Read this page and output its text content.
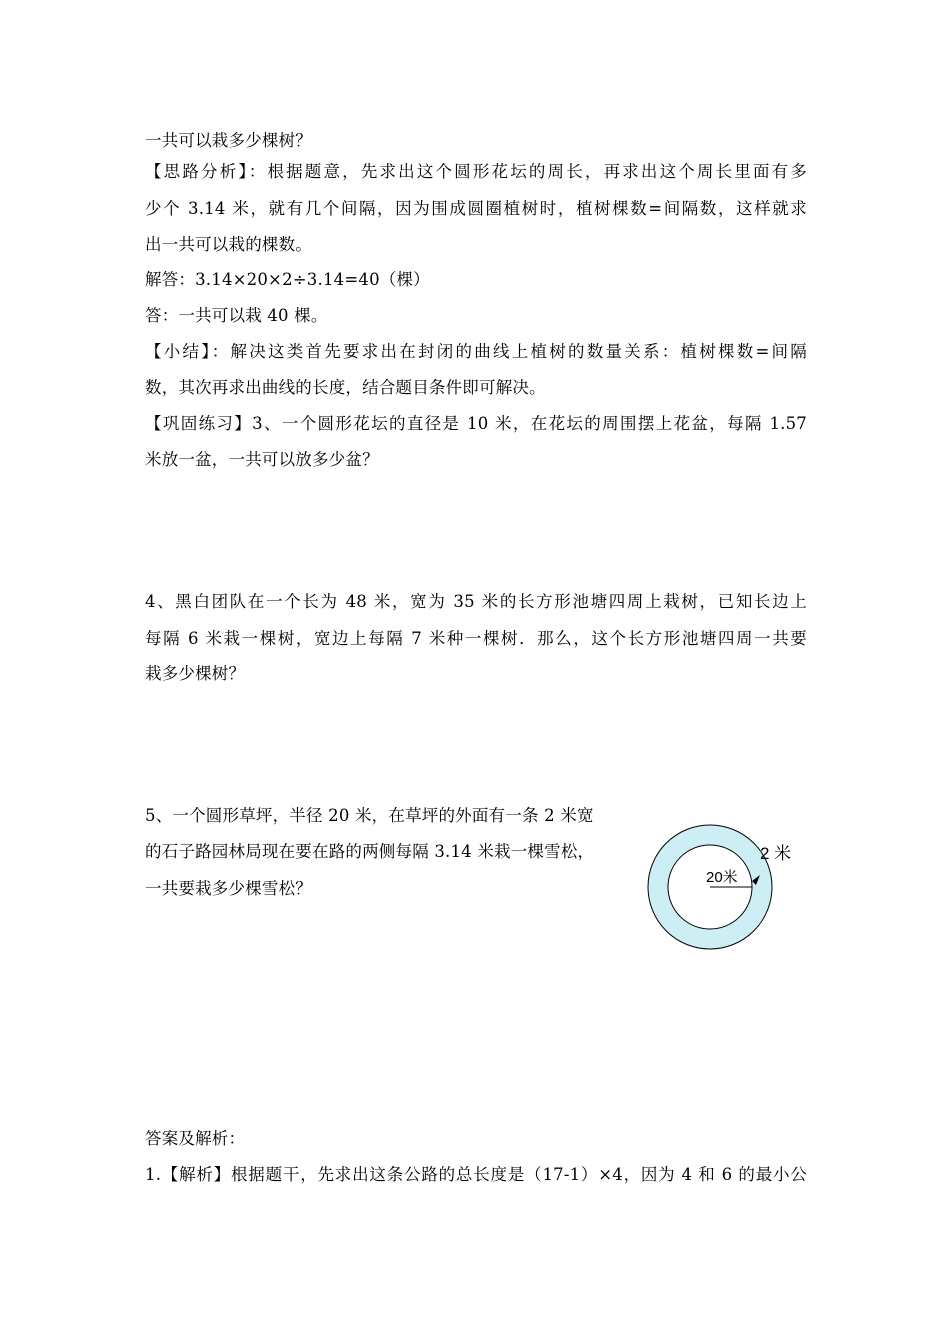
一共可以栽多少棵树？
【思路分析】：根据题意，先求出这个圆形花坛的周长，再求出这个周长里面有多
少个 3.14 米，就有几个间隔，因为围成圆圈植树时，植树棵数=间隔数，这样就求
出一共可以栽的棵数。
解答：3.14×20×2÷3.14=40（棵）
答：一共可以栽 40 棵。
【小结】：解决这类首先要求出在封闭的曲线上植树的数量关系：植树棵数=间隔
数，其次再求出曲线的长度，结合题目条件即可解决。
【巩固练习】3、一个圆形花坛的直径是 10 米，在花坛的周围摆上花盆，每隔 1.57
米放一盆，一共可以放多少盆？
4、黑白团队在一个长为 48 米，宽为 35 米的长方形池塘四周上栽树，已知长边上
每隔 6 米栽一棵树，宽边上每隔 7 米种一棵树．那么，这个长方形池塘四周一共要
栽多少棵树？
5、一个圆形草坪，半径 20 米，在草坪的外面有一条 2 米宽
的石子路园林局现在要在路的两侧每隔 3.14 米栽一棵雪松，
一共要栽多少棵雪松？
答案及解析：
1.【解析】根据题干，先求出这条公路的总长度是（17-1）×4，因为 4 和 6 的最小公
20米
2 米
